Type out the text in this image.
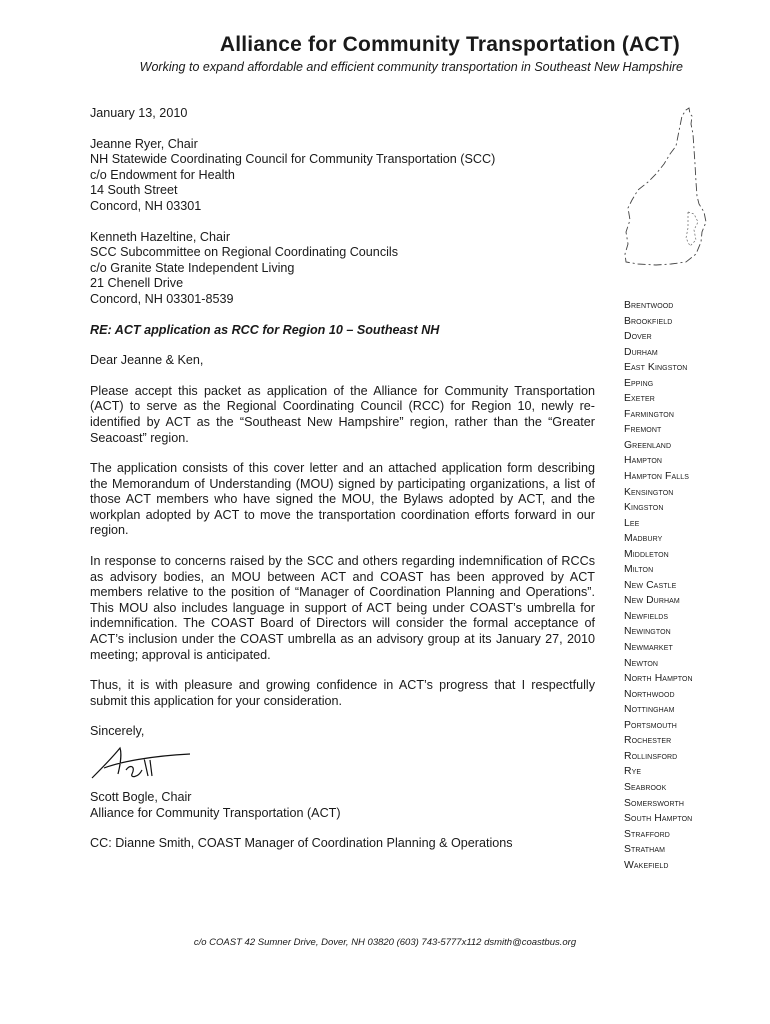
Alliance for Community Transportation (ACT)
Working to expand affordable and efficient community transportation in Southeast New Hampshire

January 13, 2010

Jeanne Ryer, Chair
NH Statewide Coordinating Council for Community Transportation (SCC)
c/o Endowment for Health
14 South Street
Concord, NH 03301
Kenneth Hazeltine, Chair
SCC Subcommittee on Regional Coordinating Councils
c/o Granite State Independent Living
21 Chenell Drive
Concord, NH 03301-8539

RE: ACT application as RCC for Region 10 – Southeast NH

Dear Jeanne & Ken,

Please accept this packet as application of the Alliance for Community Transportation (ACT) to serve as the Regional Coordinating Council (RCC) for Region 10, newly re-identified by ACT as the “Southeast New Hampshire” region, rather than the “Greater Seacoast” region.

The application consists of this cover letter and an attached application form describing the Memorandum of Understanding (MOU) signed by participating organizations, a list of those ACT members who have signed the MOU, the Bylaws adopted by ACT, and the workplan adopted by ACT to move the transportation coordination efforts forward in our region.

In response to concerns raised by the SCC and others regarding indemnification of RCCs as advisory bodies, an MOU between ACT and COAST has been approved by ACT members relative to the position of “Manager of Coordination Planning and Operations”. This MOU also includes language in support of ACT being under COAST’s umbrella for indemnification. The COAST Board of Directors will consider the formal acceptance of ACT’s inclusion under the COAST umbrella as an advisory group at its January 27, 2010 meeting; approval is anticipated.

Thus, it is with pleasure and growing confidence in ACT’s progress that I respectfully submit this application for your consideration.

Sincerely,

Scott Bogle, Chair
Alliance for Community Transportation (ACT)
CC: Dianne Smith, COAST Manager of Coordination Planning & Operations
Brentwood
Brookfield
Dover
Durham
East Kingston
Epping
Exeter
Farmington
Fremont
Greenland
Hampton
Hampton Falls
Kensington
Kingston
Lee
Madbury
Middleton
Milton
New Castle
New Durham
Newfields
Newington
Newmarket
Newton
North Hampton
Northwood
Nottingham
Portsmouth
Rochester
Rollinsford
Rye
Seabrook
Somersworth
South Hampton
Strafford
Stratham
Wakefield
c/o COAST 42 Sumner Drive, Dover, NH 03820 (603) 743-5777x112 dsmith@coastbus.org
